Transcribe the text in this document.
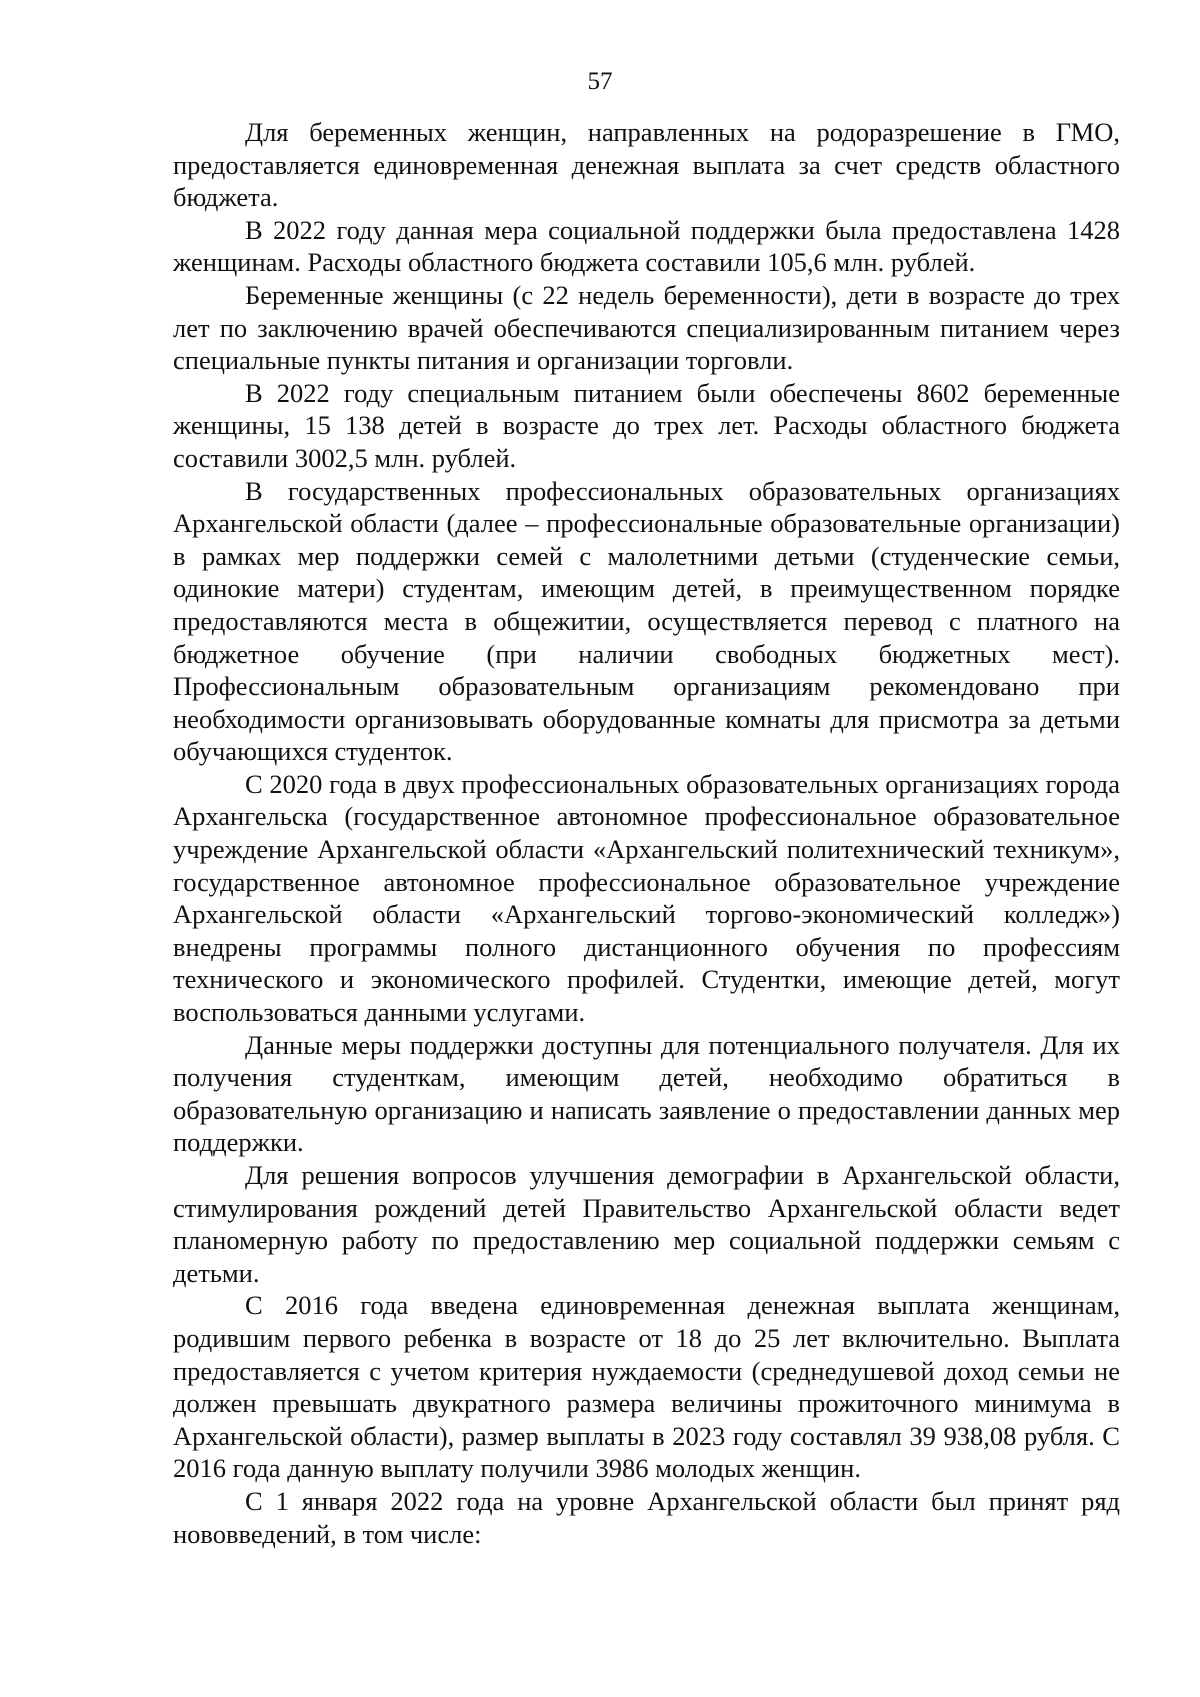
57

Для беременных женщин, направленных на родоразрешение в ГМО, предоставляется единовременная денежная выплата за счет средств областного бюджета.

В 2022 году данная мера социальной поддержки была предоставлена 1428 женщинам. Расходы областного бюджета составили 105,6 млн. рублей.

Беременные женщины (с 22 недель беременности), дети в возрасте до трех лет по заключению врачей обеспечиваются специализированным питанием через специальные пункты питания и организации торговли.

В 2022 году специальным питанием были обеспечены 8602 беременные женщины, 15 138 детей в возрасте до трех лет. Расходы областного бюджета составили 3002,5 млн. рублей.

В государственных профессиональных образовательных организациях Архангельской области (далее – профессиональные образовательные организации) в рамках мер поддержки семей с малолетними детьми (студенческие семьи, одинокие матери) студентам, имеющим детей, в преимущественном порядке предоставляются места в общежитии, осуществляется перевод с платного на бюджетное обучение (при наличии свободных бюджетных мест). Профессиональным образовательным организациям рекомендовано при необходимости организовывать оборудованные комнаты для присмотра за детьми обучающихся студенток.

С 2020 года в двух профессиональных образовательных организациях города Архангельска (государственное автономное профессиональное образовательное учреждение Архангельской области «Архангельский политехнический техникум», государственное автономное профессиональное образовательное учреждение Архангельской области «Архангельский торгово-экономический колледж») внедрены программы полного дистанционного обучения по профессиям технического и экономического профилей. Студентки, имеющие детей, могут воспользоваться данными услугами.

Данные меры поддержки доступны для потенциального получателя. Для их получения студенткам, имеющим детей, необходимо обратиться в образовательную организацию и написать заявление о предоставлении данных мер поддержки.

Для решения вопросов улучшения демографии в Архангельской области, стимулирования рождений детей Правительство Архангельской области ведет планомерную работу по предоставлению мер социальной поддержки семьям с детьми.

С 2016 года введена единовременная денежная выплата женщинам, родившим первого ребенка в возрасте от 18 до 25 лет включительно. Выплата предоставляется с учетом критерия нуждаемости (среднедушевой доход семьи не должен превышать двукратного размера величины прожиточного минимума в Архангельской области), размер выплаты в 2023 году составлял 39 938,08 рубля. С 2016 года данную выплату получили 3986 молодых женщин.

С 1 января 2022 года на уровне Архангельской области был принят ряд нововведений, в том числе:
